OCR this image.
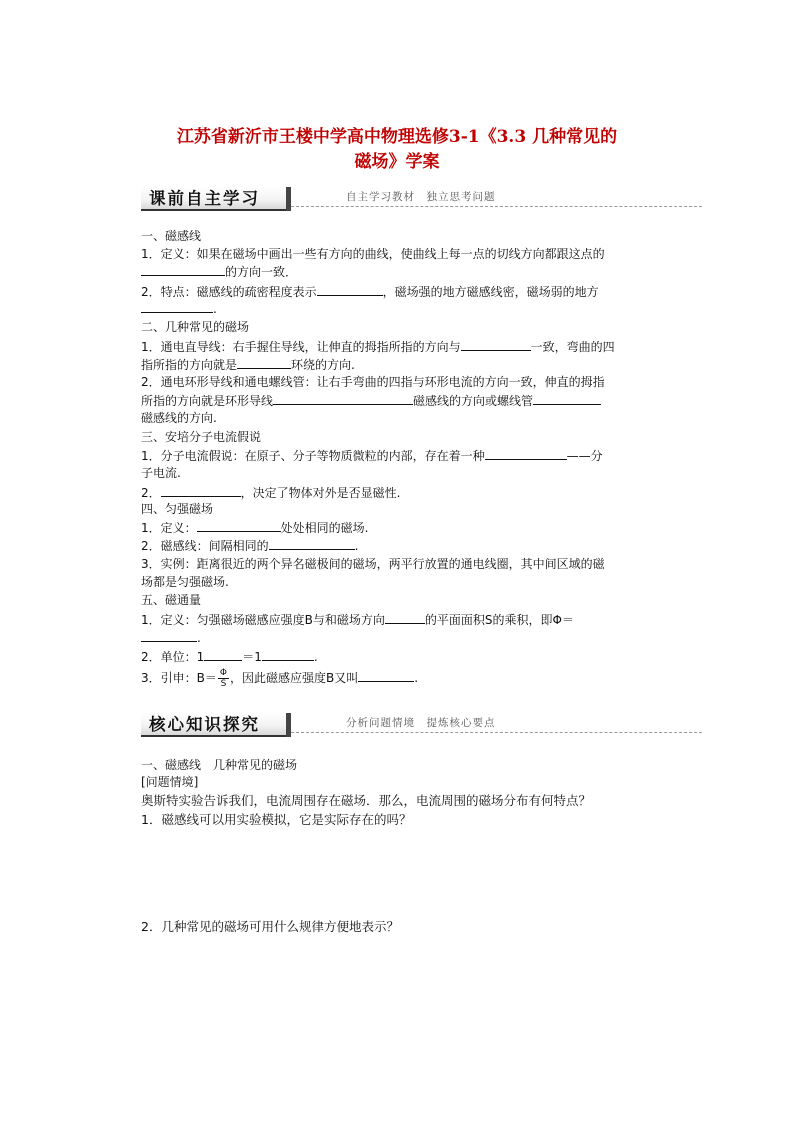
江苏省新沂市王楼中学高中物理选修3-1《3.3 几种常见的
磁场》学案
课前自主学习	自主学习教材　独立思考问题
一、磁感线
1．定义：如果在磁场中画出一些有方向的曲线，使曲线上每一点的切线方向都跟这点的
的方向一致．
2．特点：磁感线的疏密程度表示	，磁场强的地方磁感线密，磁场弱的地方
.
二、几种常见的磁场
1．通电直导线：右手握住导线，让伸直的拇指所指的方向与	一致，弯曲的四
指所指的方向就是	环绕的方向.
2．通电环形导线和通电螺线管：让右手弯曲的四指与环形电流的方向一致，伸直的拇指
所指的方向就是环形导线	磁感线的方向或螺线管
磁感线的方向.
三、安培分子电流假说
1．分子电流假说：在原子、分子等物质微粒的内部，存在着一种	——分
子电流.
2．	，决定了物体对外是否显磁性.
四、匀强磁场
1．定义：	处处相同的磁场.
2．磁感线：间隔相同的	.
3．实例：距离很近的两个异名磁极间的磁场，两平行放置的通电线圈，其中间区域的磁
场都是匀强磁场.
五、磁通量
1．定义：匀强磁场磁感应强度B与和磁场方向	的平面面积S的乘积，即Φ＝
.
2．单位：1	＝1	.
3．引申：$B= \frac{\Phi}{S}$ ，因此磁感应强度B又叫	.
核心知识探究	分析问题情境　提炼核心要点
一、磁感线　几种常见的磁场
[问题情境]
奥斯特实验告诉我们，电流周围存在磁场．那么，电流周围的磁场分布有何特点？
1．磁感线可以用实验模拟，它是实际存在的吗？
2．几种常见的磁场可用什么规律方便地表示？
